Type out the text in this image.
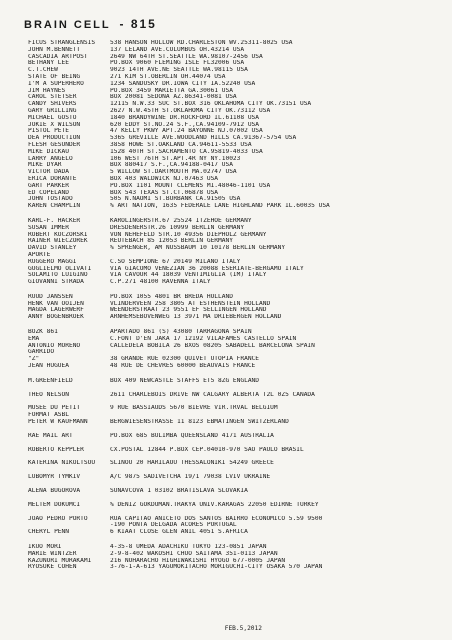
BRAIN CELL - 815
FICUS STRANGLENSIS	538 HANSON HOLLOW RD.CHARLESTON WV.25311-8025 USA
JOHN M.BENNETT	137 LELAND AVE.COLUMBUS OH.43214 USA
CASCADIA ARTPOST	2649 NW 64TH ST.SEATTLE WA.98107-2456 USA
BETHANY LEE	PO.BOX 9060 FLEMING ISLE FL32006 USA
C.T.CHEW	9023 14TH AVE.NE SEATTLE WA.98115 USA
STATE OF BEING	271 KIM ST.OBERLIN OH.44074 USA
I'M A SUPERHERO	1234 SANDUSKY DR.IOWA CITY IA.52240 USA
JIM HAYNES	PO.BOX 3459 MARIETTA GA.30061 USA
CAROL STETSER	BOX 20081 SEDONA AZ.86341-0081 USA
CANDY SHIVERS	12115 N.W.33 SUC ST.BOX 316 OKLAHOMA CITY OK.73151 USA
GARY GRILLING	2627 N.W.45TH ST.OKLAHOMA CITY OK.73112 USA
MICHAEL GOSTO	1840 BRANDYWINE DR.ROCKFORD IL.61108 USA
JOKIE X WILSON	620 EDDY ST.NO.24 S.F.,CA.94109-7912 USA
PISTOL PETE	47 KELLY PKWY APT.24 BAYONNE NJ.07002 USA
DEA PRODUCTION	5365 GREVILLE AVE.WOODLAND HILLS CA.91367-5754 USA
FLESH GESUNDER	3858 HOWE ST.OAKLAND CA.94611-5533 USA
MIKE DICKAU	1528 40TH ST.SACRAMENTO CA.95819-4033 USA
LARRY ANGELO	106 WEST 76TH ST.APT.4R NY NY.10023
MIKE DYAR	BOX 880417 S.F.,CA.94188-0417 USA
VICTOR DADA	5 WILLOW ST.DARTMOUTH MA.02747 USA
ERICA DORANTE	BOX 403 WALDWICK NJ.07463 USA
GART PARKER	PO.BOX 1101 MOUNT CLEMENS MI.48046-1101 USA
ED COPELAND	BOX 543 TEXAS ST.CT.06878 USA
JOHN TOSTADO	505 N.NAOMI ST.BURBANK CA.91505 USA
KAREN CHAMPLIN	% ART NATION, 1635 FEDERALE LANE HIGHLAND PARK IL.60035 USA
KARL-F. HACKER	KAROLINGERSTR.67 25524 ITZEHOE GERMANY
SUSAN IMMER	DRESDENERSTR.26 10999 BERLIN GERMANY
ROBERT KOCZORSKI	VON NEHEFELD STR.10 49356 DIEPHOLZ GERMANY
RAINER WIECZOREK	REUTEBACH 85 12053 BERLIN GERMANY
DAVID STANLEY	% SPRENGER, AM NUSSBAUM 10 10178 BERLIN GERMANY
APORTE
RUGGERO MAGGI	C.SO SEMPIONE 67 20149 MILANO ITALY
GUGLIELMO OLIVATI	VIA GIACOMO VENEZIAN 36 20088 ESERIATE-BERGAMO ITALY
SOLAMITO LUIGINO	VIA CAVOUR 44 18039 VENTIMIGLIA (IM) ITALY
GIOVANNI STRADA	C.P.271 48100 RAVENNA ITALY
RUUD JANSSEN	PO.BOX 1055 4801 BR BREDA HOLLAND
HENK VAN OOIJEN	VLINDERVEEN 258 3805 AT ESTHENSTEIN HOLLAND
MAGDA LAGERWERF	WEENDERSTRAAT 23 9551 EF SELLINGEN HOLLAND
ANNY BOGENBROEK	ARNHEMSEBOVENWEG 13 3971 MA DRIEBERGEN HOLLAND
BOZK 861	APARTADO 861 (S) 43080 TARRAGONA SPAIN
EMA	C.FONT D'EN JAKA 17 12192 VILAFAMES CASTELLO SPAIN
ANTONIO MORENO	CALLEDELA BOBILA 26 BXOS 08205 SABADELL BARCELONA SPAIN
GARRIDO
"Z"	38 GRANDE RUE 02300 QUIVET UTOPIA FRANCE
JEAN HUGUEA	48 RUE DE CHEVRES 60000 BEAUVAIS FRANCE
M.GREENFIELD	BOX 409 NEWCASTLE STAFFS ET5 8ZG ENGLAND
THEO NELSON	2611 CHARLEBOIS DRIVE NW CALGARY ALBERTA T2L 0Z5 CANADA
MUSEE DU PETIT	9 RUE BASSIAUDS 5670 BIEVRE VIR.TRVAL BELGIUM
FORMAT ASBL
PETER W KAUFMANN	BERGWIESENSTRASSE 11 8123 EBMATINGEN SWITZERLAND
RAE MAIL ART	PO.BOX 685 BULIMBA QUEENSLAND 4171 AUSTRALIA
ROBERTO KEPPLER	CX.POSTAL 12844 P.BOX CEP.04010-970 SAO PAULO BRASIL
KATERINA NIKOLTSOU	SLINOU 20 HARILAOU THESSALONIKI 54249 GREECE
LUBOMYR TYMKIV	A/C 9875 SADIVETCHA 19/1 79038 LVIV UKRAINE
ALENA BUGOROVA	SUNAVCOVA 1 03102 BRATISLAVA SLOVAKIA
MELTEM DOKUMCI	% DENIZ GOKDUMAN.TRAKYA UNIV.KARAGAS 22050 EDIRNE TURKEY
JOAO PEDRO PORTO	RUA CAPITAO ANICETO DOS SANTOS BAIRRO ECONOMICO 5.59 9500
-190 PONTA DELGADA ACORES PORTUGAL
CHERYL PENN	6 KIAAT CLOSE GLEN ANIL 4051 S.AFRICA
IKUO MORI	4-35-8 UMEDA ADACHIKU TOKYO 123-0851 JAPAN
MARIE WINTZER	2-9-8-402 WAKOSHI CHUO SAITAMA 351-0113 JAPAN
KAZUNORI MURAKAMI	216 NOHARACHO HIGHIWAKISHI HYOGO 677-0005 JAPAN
RYOSUKE COHEN	3-76-1-A-613 YAGUMOKITACHO MORIGUCHI-CITY OSAKA 570 JAPAN
FEB.5,2012
